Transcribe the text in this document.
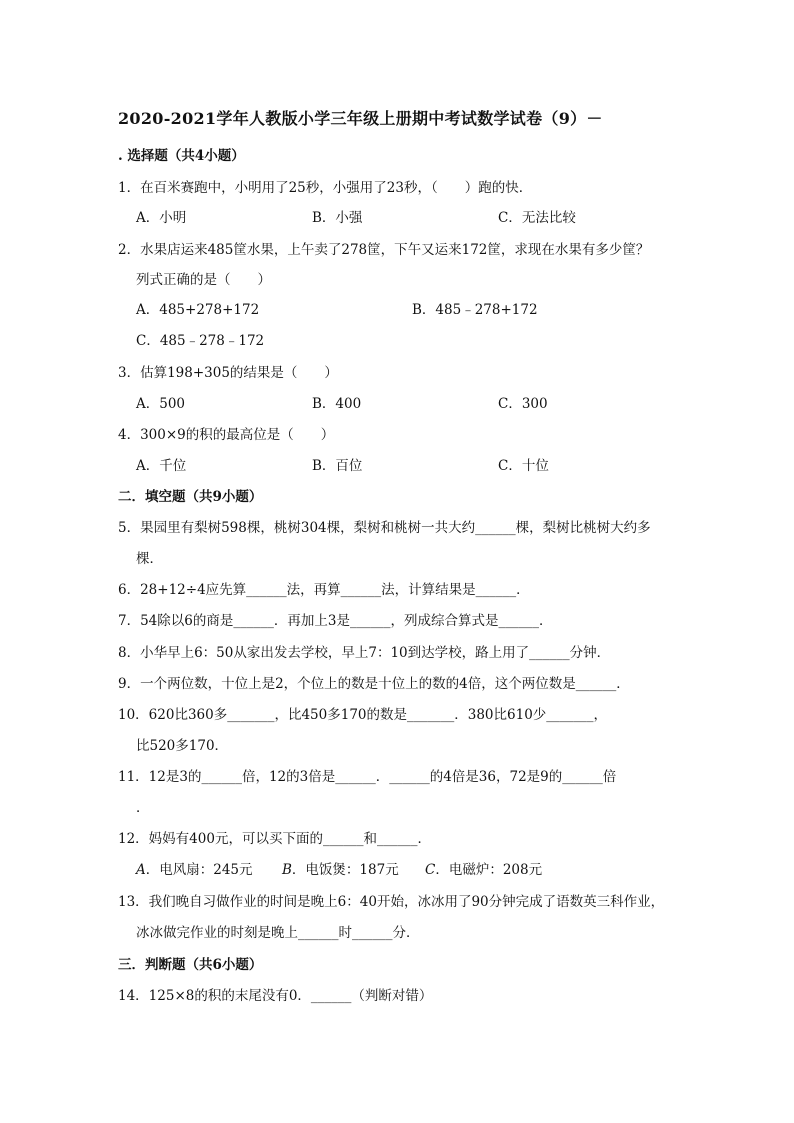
2020-2021学年人教版小学三年级上册期中考试数学试卷（9）－
. 选择题（共4小题）
1．在百米赛跑中，小明用了25秒，小强用了23秒，（　　）跑的快．
A．小明	B．小强	C．无法比较
2．水果店运来485筐水果，上午卖了278筐，下午又运来172筐，求现在水果有多少筐？
列式正确的是（　　）
A．485+278+172	B．485﹣278+172
C．485﹣278﹣172
3．估算198+305的结果是（　　）
A．500	B．400	C．300
4．300×9的积的最高位是（　　）
A．千位	B．百位	C．十位
二．填空题（共9小题）
5．果园里有梨树598棵，桃树304棵，梨树和桃树一共大约______棵，梨树比桃树大约多
棵．
6．28+12÷4应先算______法，再算______法，计算结果是______．
7．54除以6的商是______．再加上3是______，列成综合算式是______．
8．小华早上6：50从家出发去学校，早上7：10到达学校，路上用了______分钟．
9．一个两位数，十位上是2，个位上的数是十位上的数的4倍，这个两位数是______．
10．620比360多_______，比450多170的数是_______．380比610少_______，
比520多170．
11．12是3的______倍，12的3倍是______．______的4倍是36，72是9的______倍
．
12．妈妈有400元，可以买下面的______和______．
A．电风扇：245元 B．电饭煲：187元 C．电磁炉：208元
13．我们晚自习做作业的时间是晚上6：40开始，冰冰用了90分钟完成了语数英三科作业，
冰冰做完作业的时刻是晚上______时______分．
三．判断题（共6小题）
14．125×8的积的末尾没有0．______（判断对错）
